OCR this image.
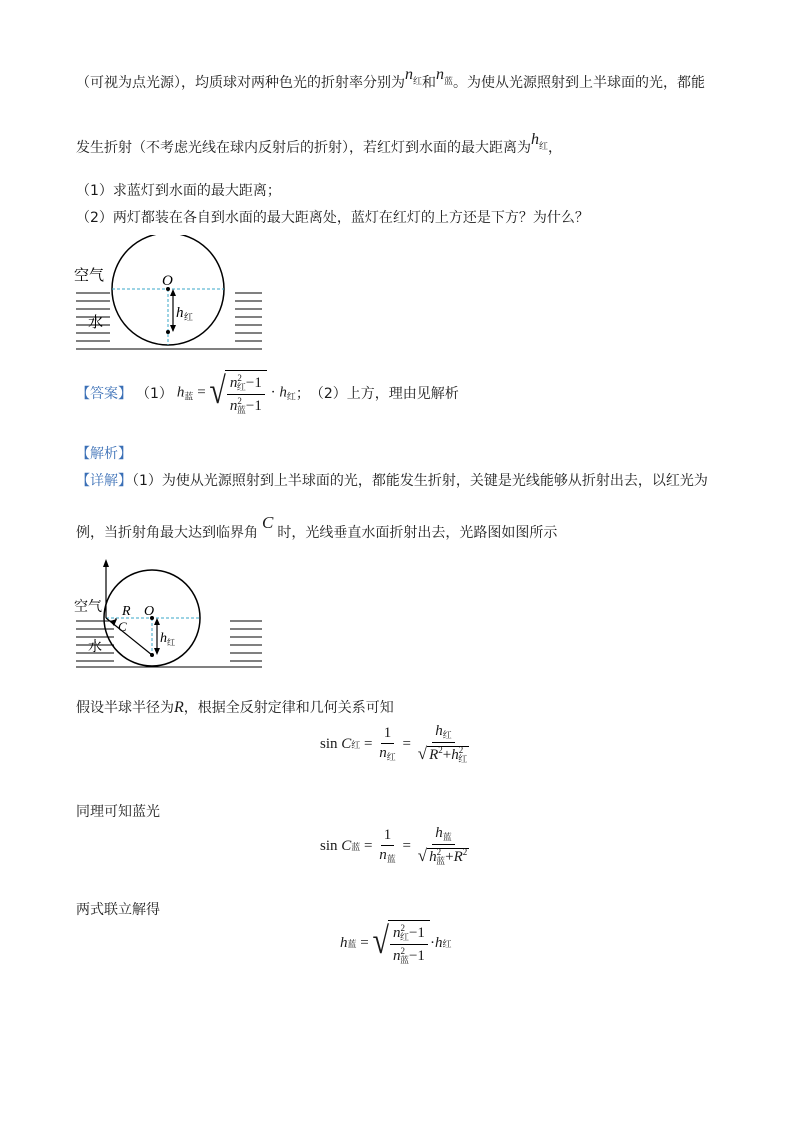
（可视为点光源），均质球对两种色光的折射率分别为$n^红$和$n^蓝$。为使从光源照射到上半球面的光，都能
发生折射（不考虑光线在球内反射后的折射），若红灯到水面的最大距离为$h^红$，
（1）求蓝灯到水面的最大距离；
（2）两灯都装在各自到水面的最大距离处，蓝灯在红灯的上方还是下方？为什么？
O
h 红
空气
水
【答案】 （1） $h_蓝$ = √ $\frac{n^2_红-1}{n^2_蓝-1} \cdot h_红$ ； （2）上方，理由见解析
【解析】
【详解】（1）为使从光源照射到上半球面的光，都能发生折射，关键是光线能够从折射出去，以红光为
例，当折射角最大达到临界角C时，光线垂直水面折射出去，光路图如图所示
O
R
C
h 红
空气
水
假设半球半径为R，根据全反射定律和几何关系可知
sin
C 红 = $\frac{1}{n_红} = \frac{h_红}{√ R^2+h^2_红}$
同理可知蓝光
sin
C 蓝 = $\frac{1}{n_蓝} = \frac{h_蓝}{√ h^2_蓝+R^2}$
两式联立解得
h 蓝 = √ $\frac{n^2_红-1}{n^2_蓝-1} \cdot h$ 红
